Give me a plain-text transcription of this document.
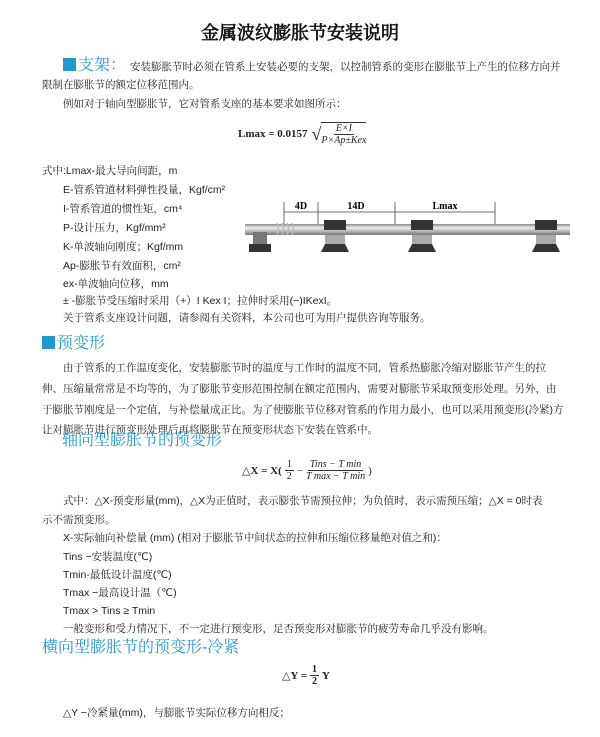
金属波纹膨胀节安装说明
支架： 安装膨胀节时必须在管系上安装必要的支架，以控制管系的变形在膨胀节上产生的位移方向并
限制在膨胀节的额定位移范围内。
例如对于轴向型膨胀节，它对管系支座的基本要求如图所示：
Lmax = 0.0157 √ $\frac{E\times I}{\text{P×Ap±Kex}}$
式中:Lmax-最大导向间距，m
E-管系管道材料弹性投量，Kgf/cm²
I-管系管道的惯性矩，cm⁴
P-设计压力，Kgf/mm²
K-单波轴向刚度；Kgf/mm
Ap-膨胀节有效面积，cm²
ex-单波轴向位移，mm
± -膨胀节受压缩时采用（+）I Kex I；拉伸时采用(−)IKexI。
关于管系支座设计问题，请参阅有关资料，本公司也可为用户提供咨询等服务。
4D	14D	Lmax
预变形
由于管系的工作温度变化，安装膨胀节时的温度与工作时的温度不同，管系热膨胀冷缩对膨胀节产生的拉
伸、压缩量常常是不均等的，为了膨胀节变形范围控制在额定范围内，需要对膨胀节采取预变形处理。另外，由
于膨胀节刚度是一个定值，与补偿量成正比。为了使膨胀节位移对管系的作用力最小，也可以采用预变形(冷紧)方
让对膨胀节进行预变形处理后再将膨胀节在预变形状态下安装在管系中。
轴向型膨胀节的预变形
△X = $X( \frac{1}{2} - \frac{\text{Tins − T min}}{\text{T max − T min}}$ )
式中：△X-预变形量(mm)，△X为正值时，表示膨张节需预拉伸；为负值时，表示需预压缩；△X = 0时表
示不需预变形。
X-实际轴向补偿量 (mm) (相对于膨胀节中间状态的拉伸和压缩位移量绝对值之和)：
Tins −安装温度(℃)
Tmin-最低设计温度(℃)
Tmax −最高设计温（℃)
Tmax > Tins ≥ Tmin
一般变形和受力情况下，不一定进行预变形，足否预变形对膨胀节的疲劳寿命几乎没有影响。
横向型膨胀节的预变形-冷紧
△Y = $\frac{1}{2}$ Y
△Y −冷紧量(mm)，与膨胀节实际位移方向相反；
